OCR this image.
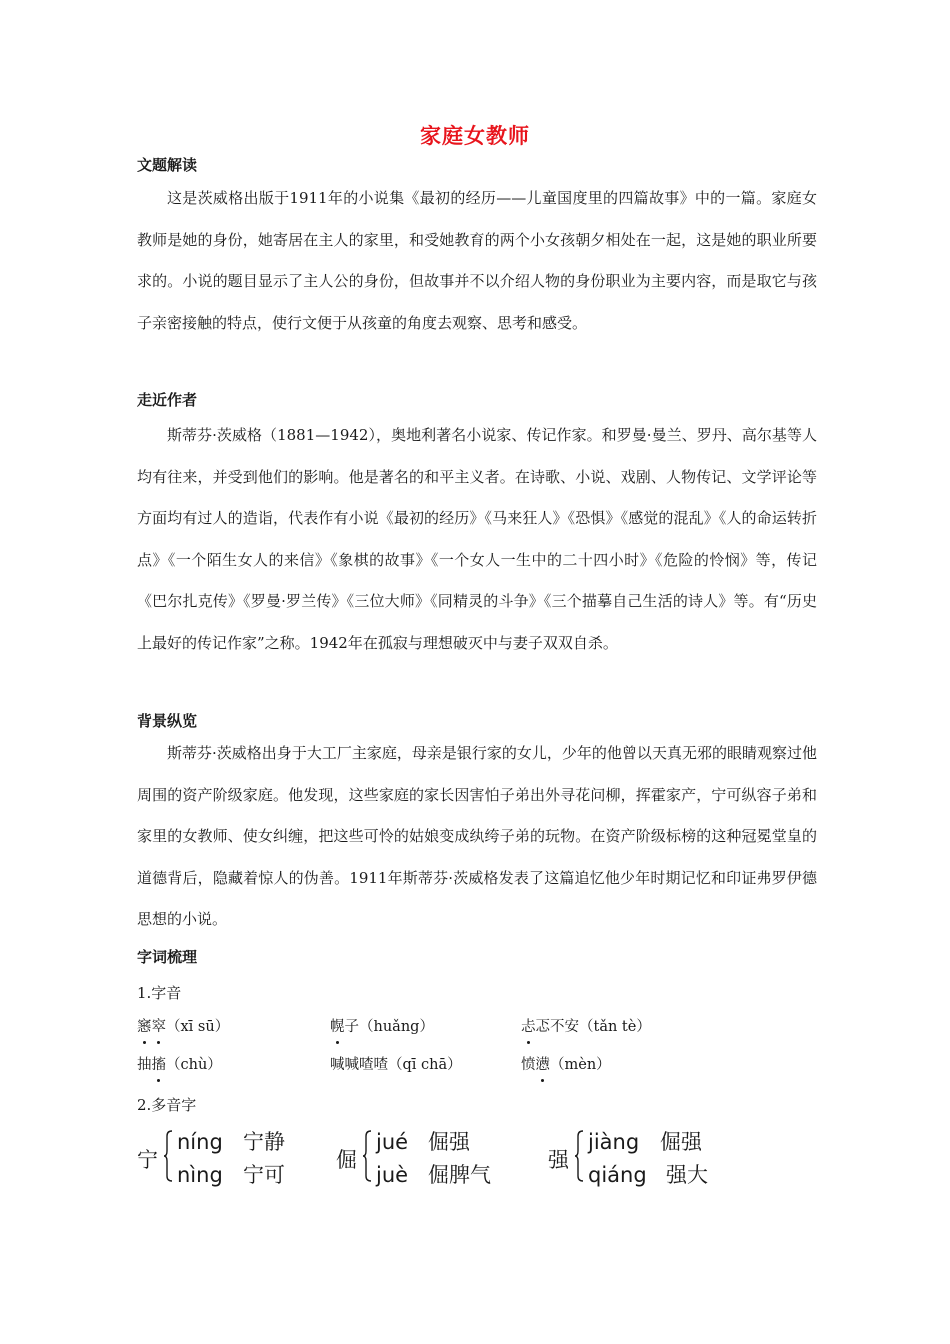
家庭女教师
文题解读

这是茨威格出版于1911年的小说集《最初的经历——儿童国度里的四篇故事》中的一篇。家庭女教师是她的身份，她寄居在主人的家里，和受她教育的两个小女孩朝夕相处在一起，这是她的职业所要求的。小说的题目显示了主人公的身份，但故事并不以介绍人物的身份职业为主要内容，而是取它与孩子亲密接触的特点，使行文便于从孩童的角度去观察、思考和感受。

走近作者

斯蒂芬·茨威格（1881—1942），奥地利著名小说家、传记作家。和罗曼·曼兰、罗丹、高尔基等人均有往来，并受到他们的影响。他是著名的和平主义者。在诗歌、小说、戏剧、人物传记、文学评论等方面均有过人的造诣，代表作有小说《最初的经历》《马来狂人》《恐惧》《感觉的混乱》《人的命运转折点》《一个陌生女人的来信》《象棋的故事》《一个女人一生中的二十四小时》《危险的怜悯》等，传记《巴尔扎克传》《罗曼·罗兰传》《三位大师》《同精灵的斗争》《三个描摹自己生活的诗人》等。有“历史上最好的传记作家”之称。1942年在孤寂与理想破灭中与妻子双双自杀。

背景纵览

斯蒂芬·茨威格出身于大工厂主家庭，母亲是银行家的女儿，少年的他曾以天真无邪的眼睛观察过他周围的资产阶级家庭。他发现，这些家庭的家长因害怕子弟出外寻花问柳，挥霍家产，宁可纵容子弟和家里的女教师、使女纠缠，把这些可怜的姑娘变成纨绔子弟的玩物。在资产阶级标榜的这种冠冕堂皇的道德背后，隐藏着惊人的伪善。1911年斯蒂芬·茨威格发表了这篇追忆他少年时期记忆和印证弗罗伊德思想的小说。

字词梳理
1.字音
窸窣（xī sū）	幌子（huǎng）	忐忑不安（tǎn tè）
抽搐（chù）	喊喊喳喳（qī chā）	愤懑（mèn）
2.多音字
宁
níng 宁静
nìng 宁可
倔
jué 倔强
juè 倔脾气
强
jiàng 倔强
qiáng 强大
